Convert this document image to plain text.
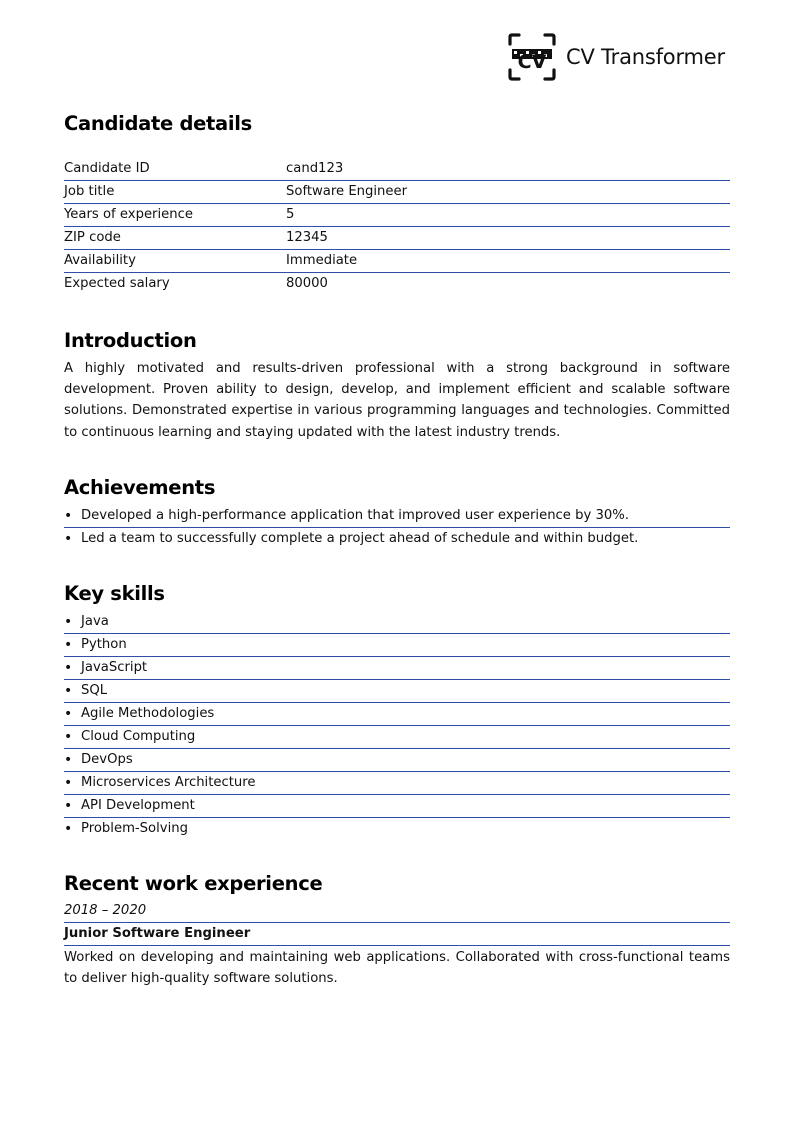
CV CV Transformer
Candidate details
Candidate ID	cand123
Job title	Software Engineer
Years of experience	5
ZIP code	12345
Availability	Immediate
Expected salary	80000
Introduction
A highly motivated and results-driven professional with a strong background in software development. Proven ability to design, develop, and implement efficient and scalable software solutions. Demonstrated expertise in various programming languages and technologies. Committed to continuous learning and staying updated with the latest industry trends.
Achievements
• Developed a high-performance application that improved user experience by 30%.
• Led a team to successfully complete a project ahead of schedule and within budget.
Key skills
• Java
• Python
• JavaScript
• SQL
• Agile Methodologies
• Cloud Computing
• DevOps
• Microservices Architecture
• API Development
• Problem-Solving
Recent work experience
2018 – 2020
Junior Software Engineer
Worked on developing and maintaining web applications. Collaborated with cross-functional teams to deliver high-quality software solutions.
